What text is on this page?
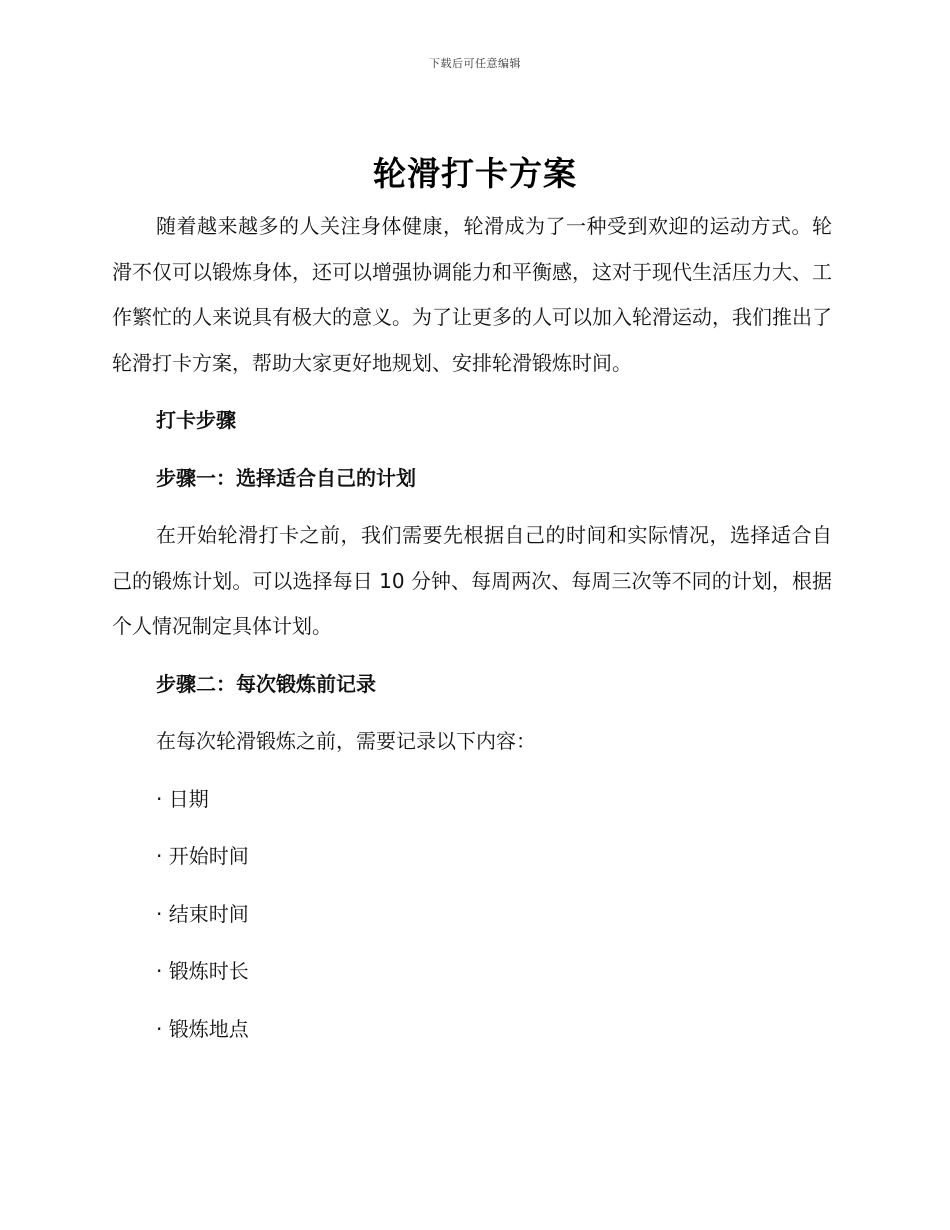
下载后可任意编辑
轮滑打卡方案

随着越来越多的人关注身体健康，轮滑成为了一种受到欢迎的运动方式。轮滑不仅可以锻炼身体，还可以增强协调能力和平衡感，这对于现代生活压力大、工作繁忙的人来说具有极大的意义。为了让更多的人可以加入轮滑运动，我们推出了轮滑打卡方案，帮助大家更好地规划、安排轮滑锻炼时间。

打卡步骤

步骤一：选择适合自己的计划

在开始轮滑打卡之前，我们需要先根据自己的时间和实际情况，选择适合自己的锻炼计划。可以选择每日 10 分钟、每周两次、每周三次等不同的计划，根据个人情况制定具体计划。

步骤二：每次锻炼前记录

在每次轮滑锻炼之前，需要记录以下内容：

· 日期

· 开始时间

· 结束时间

· 锻炼时长

· 锻炼地点
